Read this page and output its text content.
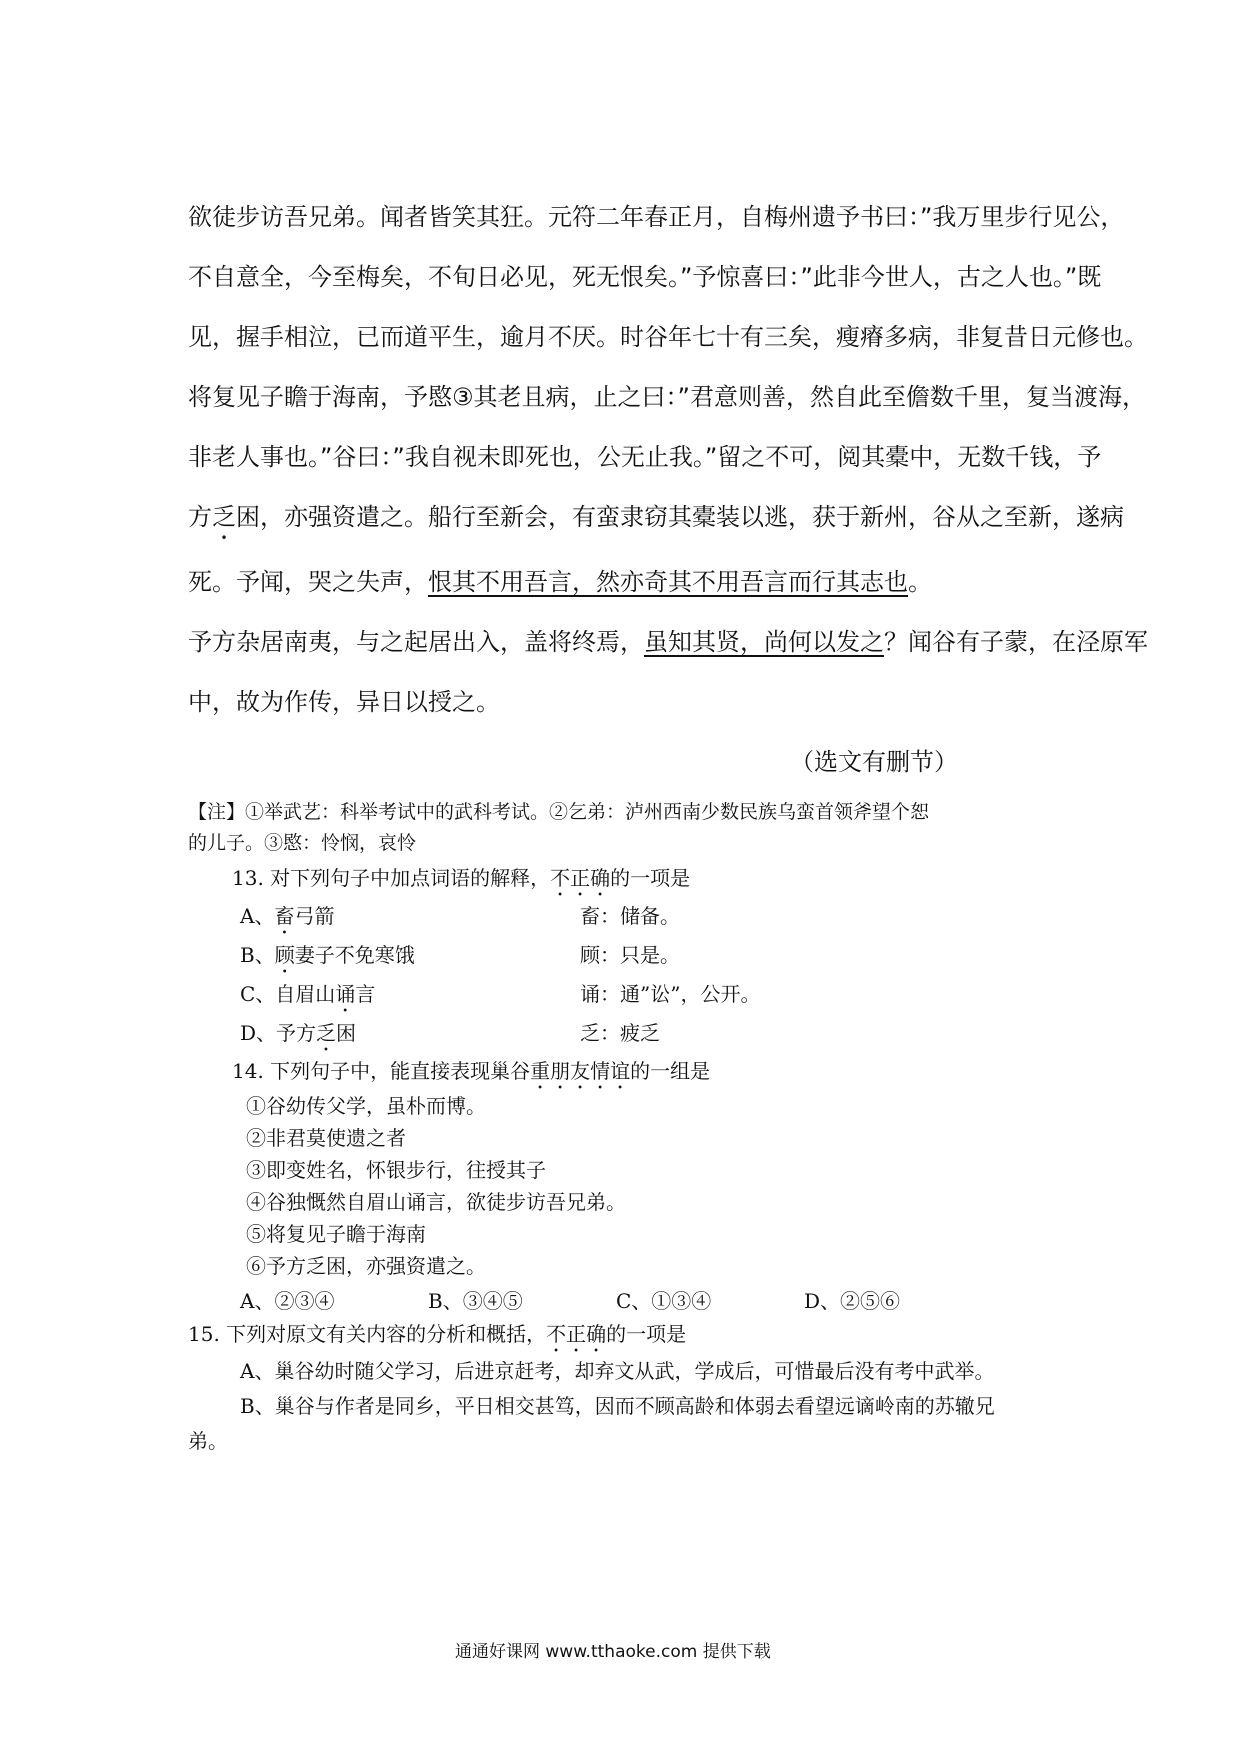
欲徒步访吾兄弟。闻者皆笑其狂。元符二年春正月，自梅州遗予书曰：”我万里步行见公，
不自意全，今至梅矣，不旬日必见，死无恨矣。”予惊喜曰：”此非今世人，古之人也。”既
见，握手相泣，已而道平生，逾月不厌。时谷年七十有三矣，瘦瘠多病，非复昔日元修也。
将复见子瞻于海南，予愍③其老且病，止之曰：”君意则善，然自此至儋数千里，复当渡海，
非老人事也。”谷曰：”我自视未即死也，公无止我。”留之不可，阅其橐中，无数千钱，予
方乏困，亦强资遣之。船行至新会，有蛮隶窃其橐装以逃，获于新州，谷从之至新，遂病
死。予闻，哭之失声，恨其不用吾言，然亦奇其不用吾言而行其志也。
予方杂居南夷，与之起居出入，盖将终焉，虽知其贤，尚何以发之？闻谷有子蒙，在泾原军
中，故为作传，异日以授之。
（选文有删节）
【注】①举武艺：科举考试中的武科考试。②乞弟：泸州西南少数民族乌蛮首领斧望个恕
的儿子。③愍：怜悯，哀怜
13. 对下列句子中加点词语的解释，不正确的一项是
A、畜弓箭	畜：储备。
B、顾妻子不免寒饿	顾：只是。
C、自眉山诵言	诵：通”讼”，公开。
D、予方乏困	乏：疲乏
14. 下列句子中，能直接表现巢谷重朋友情谊的一组是
①谷幼传父学，虽朴而博。
②非君莫使遗之者
③即变姓名，怀银步行，往授其子
④谷独慨然自眉山诵言，欲徒步访吾兄弟。
⑤将复见子瞻于海南
⑥予方乏困，亦强资遣之。
A、②③④	B、③④⑤	C、①③④	D、②⑤⑥
15. 下列对原文有关内容的分析和概括，不正确的一项是
A、巢谷幼时随父学习，后进京赶考，却弃文从武，学成后，可惜最后没有考中武举。
B、巢谷与作者是同乡，平日相交甚笃，因而不顾高龄和体弱去看望远谪岭南的苏辙兄
弟。
通通好课网 www.tthaoke.com 提供下载
